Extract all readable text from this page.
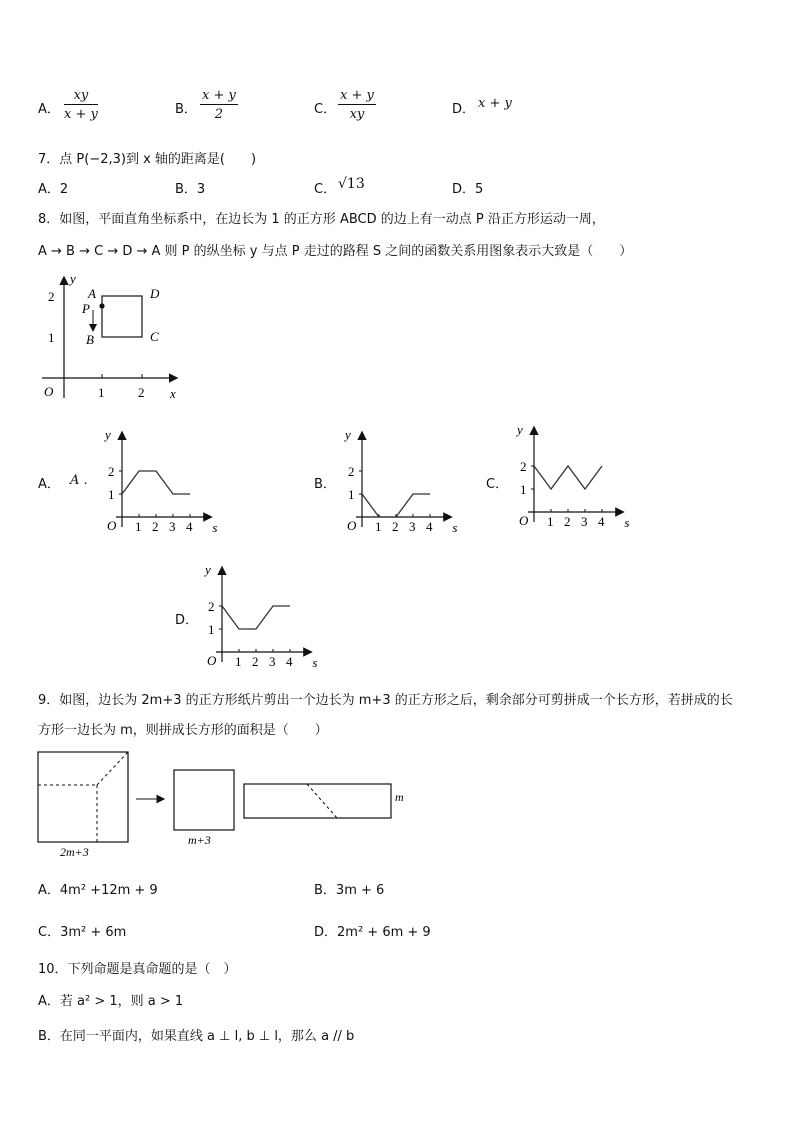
A． $\frac{xy}{x + y}$	B． $\frac{x + y}{2}$	C． $\frac{x + y}{xy}$	D． x + y
7．点 P(−2,3)到 x 轴的距离是(　　)
A．2	B．3	C． √13	D．5
8．如图，平面直角坐标系中，在边长为 1 的正方形 ABCD 的边上有一动点 P 沿正方形运动一周，
A → B → C → D → A 则 P 的纵坐标 y 与点 P 走过的路程 S 之间的函数关系用图象表示大致是（　　）
y
x
O	1	2
2
1
A
P
B	C
D
A． A .	B．	C．
D．
y
s
O
1
2
1 2 3 4
y
s
O
1
2
1 2 3 4
y
s
O
1
2
1 2 3 4
y
s
O
1
2
1 2 3 4
9．如图，边长为 2m+3 的正方形纸片剪出一个边长为 m+3 的正方形之后，剩余部分可剪拼成一个长方形，若拼成的长
方形一边长为 m，则拼成长方形的面积是（　　）
2m+3
m+3
m
A．4m² +12m + 9	B．3m + 6
C．3m² + 6m	D．2m² + 6m + 9
10．下列命题是真命题的是（　）
A．若 a² > 1，则 a > 1
B．在同一平面内，如果直线 a ⊥ l, b ⊥ l，那么 a // b
